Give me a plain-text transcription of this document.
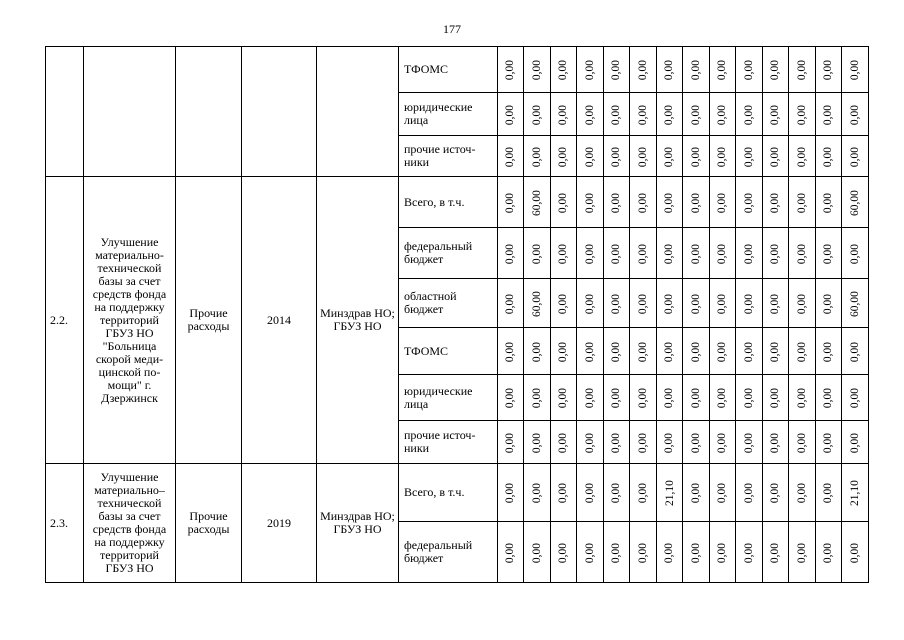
177
					ТФОМС	0,00	0,00	0,00	0,00	0,00	0,00	0,00	0,00	0,00	0,00	0,00	0,00	0,00	0,00
					юридические лица	0,00	0,00	0,00	0,00	0,00	0,00	0,00	0,00	0,00	0,00	0,00	0,00	0,00	0,00
					прочие источ-ники	0,00	0,00	0,00	0,00	0,00	0,00	0,00	0,00	0,00	0,00	0,00	0,00	0,00	0,00
2.2.	Улучшение материально-технической базы за счет средств фонда на поддержку территорий ГБУЗ НО "Больница скорой меди-цинской по-мощи" г. Дзержинск	Прочие расходы	2014	Минздрав НО; ГБУЗ НО	Всего, в т.ч.	0,00	60,00	0,00	0,00	0,00	0,00	0,00	0,00	0,00	0,00	0,00	0,00	0,00	60,00
					федеральный бюджет	0,00	0,00	0,00	0,00	0,00	0,00	0,00	0,00	0,00	0,00	0,00	0,00	0,00	0,00
					областной бюджет	0,00	60,00	0,00	0,00	0,00	0,00	0,00	0,00	0,00	0,00	0,00	0,00	0,00	60,00
					ТФОМС	0,00	0,00	0,00	0,00	0,00	0,00	0,00	0,00	0,00	0,00	0,00	0,00	0,00	0,00
					юридические лица	0,00	0,00	0,00	0,00	0,00	0,00	0,00	0,00	0,00	0,00	0,00	0,00	0,00	0,00
					прочие источ-ники	0,00	0,00	0,00	0,00	0,00	0,00	0,00	0,00	0,00	0,00	0,00	0,00	0,00	0,00
2.3.	Улучшение материально–технической базы за счет средств фонда на поддержку территорий ГБУЗ НО	Прочие расходы	2019	Минздрав НО; ГБУЗ НО	Всего, в т.ч.	0,00	0,00	0,00	0,00	0,00	0,00	21,10	0,00	0,00	0,00	0,00	0,00	0,00	21,10
					федеральный бюджет	0,00	0,00	0,00	0,00	0,00	0,00	0,00	0,00	0,00	0,00	0,00	0,00	0,00	0,00
